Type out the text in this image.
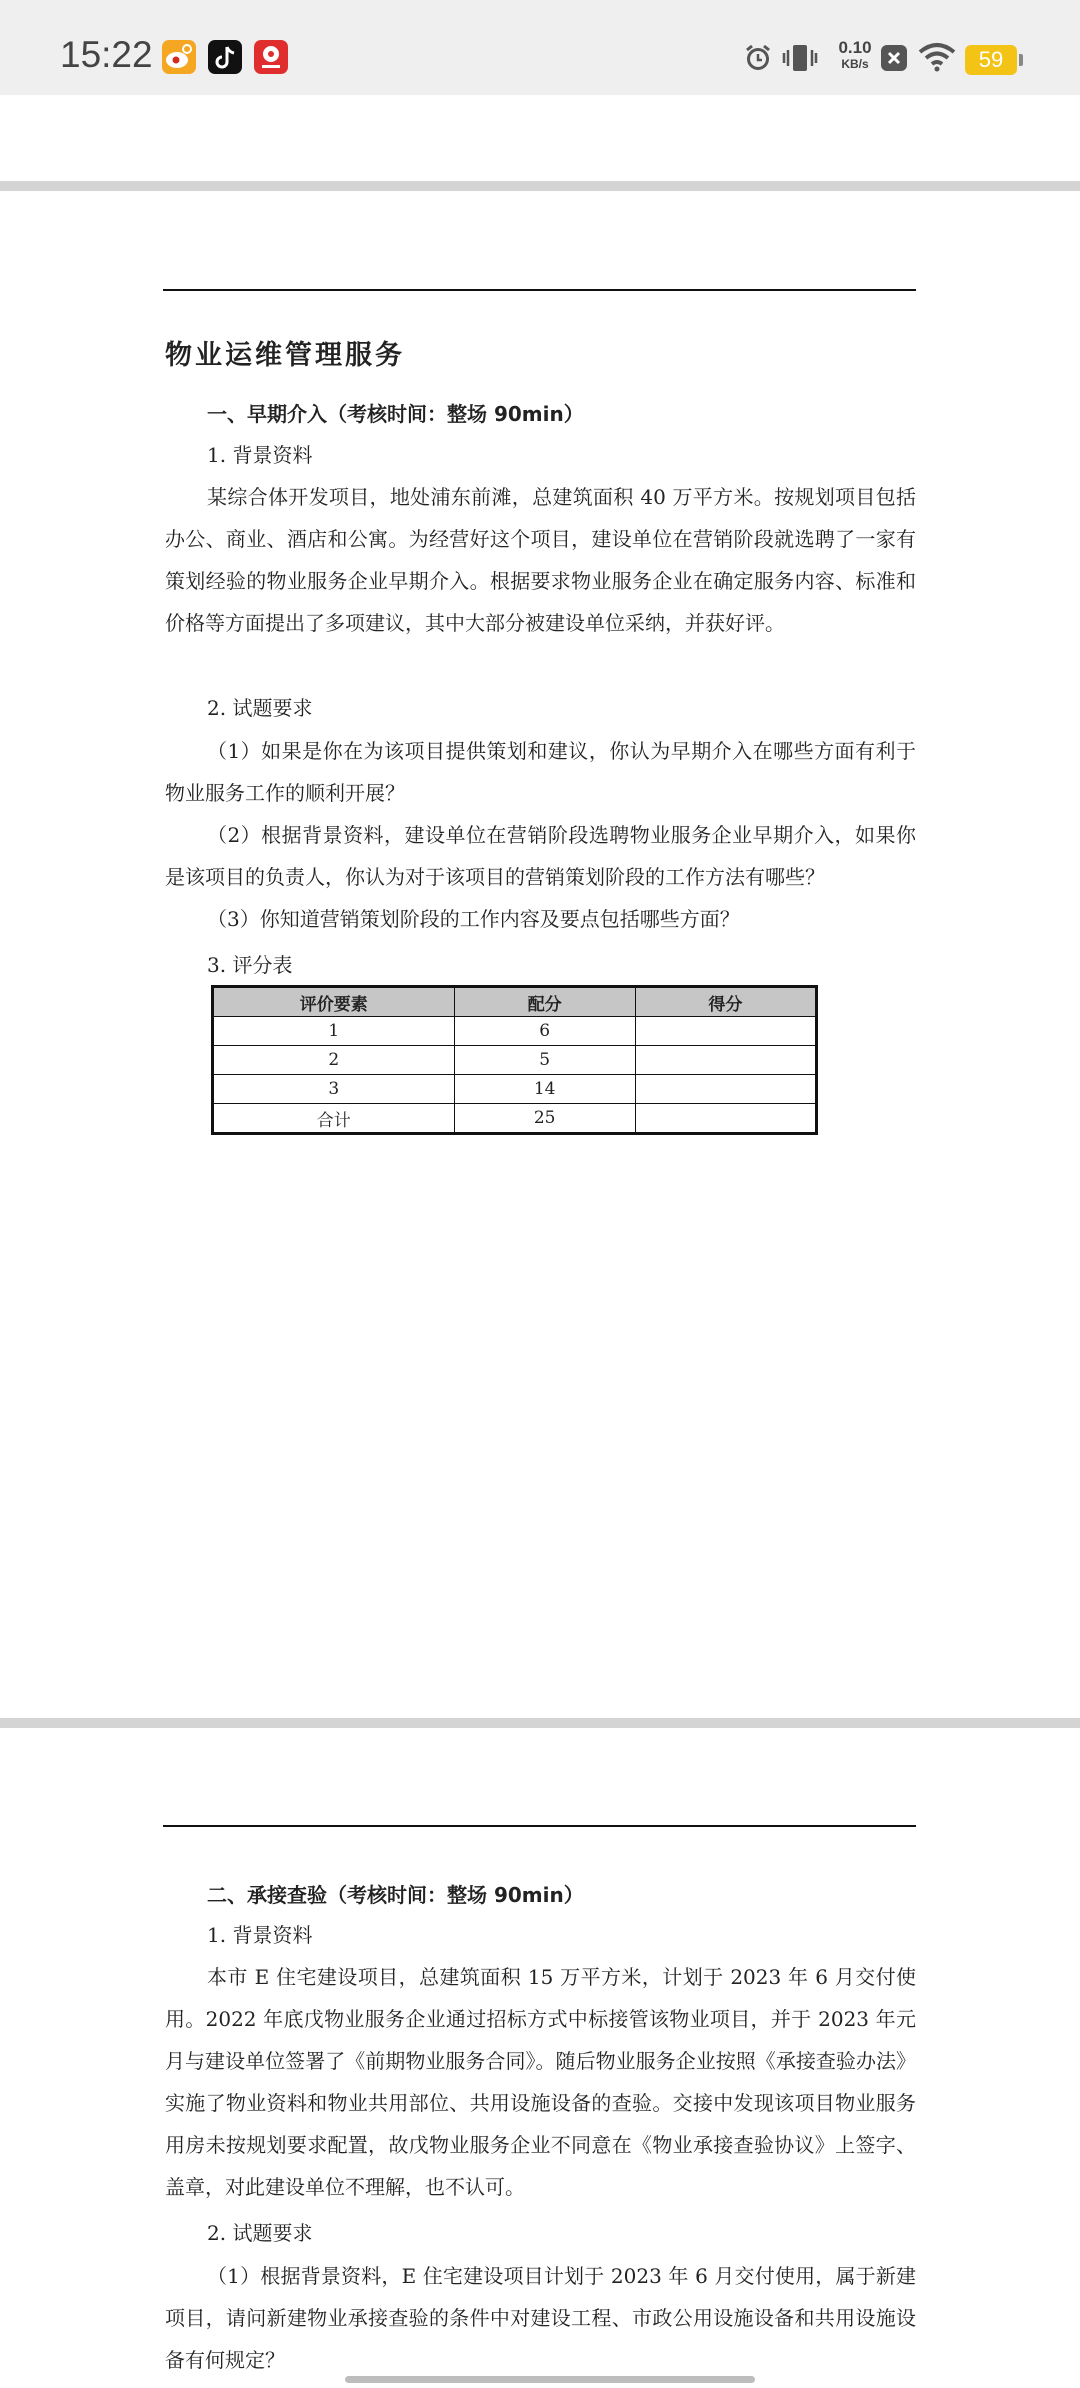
15:22	0.10
KB/s	59
物业运维管理服务
一、早期介入（考核时间：整场 90min）
1. 背景资料

某综合体开发项目，地处浦东前滩，总建筑面积 40 万平方米。按规划项目包括办公、商业、酒店和公寓。为经营好这个项目，建设单位在营销阶段就选聘了一家有策划经验的物业服务企业早期介入。根据要求物业服务企业在确定服务内容、标准和价格等方面提出了多项建议，其中大部分被建设单位采纳，并获好评。

2. 试题要求

（1）如果是你在为该项目提供策划和建议，你认为早期介入在哪些方面有利于物业服务工作的顺利开展？

（2）根据背景资料，建设单位在营销阶段选聘物业服务企业早期介入，如果你是该项目的负责人，你认为对于该项目的营销策划阶段的工作方法有哪些？

（3）你知道营销策划阶段的工作内容及要点包括哪些方面？

3. 评分表
评价要素	配分	得分
1	6	
2	5	
3	14	
合计	25	
二、承接查验（考核时间：整场 90min）
1. 背景资料

本市 E 住宅建设项目，总建筑面积 15 万平方米，计划于 2023 年 6 月交付使用。2022 年底戊物业服务企业通过招标方式中标接管该物业项目，并于 2023 年元月与建设单位签署了《前期物业服务合同》。随后物业服务企业按照《承接查验办法》实施了物业资料和物业共用部位、共用设施设备的查验。交接中发现该项目物业服务用房未按规划要求配置，故戊物业服务企业不同意在《物业承接查验协议》上签字、盖章，对此建设单位不理解，也不认可。

2. 试题要求

（1）根据背景资料，E 住宅建设项目计划于 2023 年 6 月交付使用，属于新建项目，请问新建物业承接查验的条件中对建设工程、市政公用设施设备和共用设施设备有何规定？
